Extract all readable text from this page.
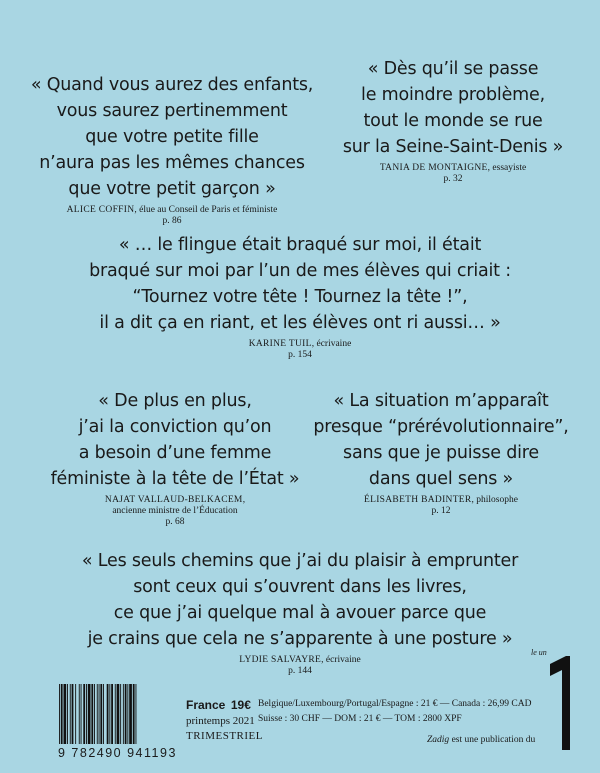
« Quand vous aurez des enfants,
vous saurez pertinemment
que votre petite fille
n’aura pas les mêmes chances
que votre petit garçon »
ALICE COFFIN, élue au Conseil de Paris et féministe
p. 86
« Dès qu’il se passe
le moindre problème,
tout le monde se rue
sur la Seine-Saint-Denis »
TANIA DE MONTAIGNE, essayiste
p. 32
« … le flingue était braqué sur moi, il était
braqué sur moi par l’un de mes élèves qui criait :
“Tournez votre tête ! Tournez la tête !”,
il a dit ça en riant, et les élèves ont ri aussi… »
KARINE TUIL, écrivaine
p. 154
« De plus en plus,
j’ai la conviction qu’on
a besoin d’une femme
féministe à la tête de l’État »
NAJAT VALLAUD-BELKACEM,
ancienne ministre de l’Éducation
p. 68
« La situation m’apparaît
presque “prérévolutionnaire”,
sans que je puisse dire
dans quel sens »
ÉLISABETH BADINTER, philosophe
p. 12
« Les seuls chemins que j’ai du plaisir à emprunter
sont ceux qui s’ouvrent dans les livres,
ce que j’ai quelque mal à avouer parce que
je crains que cela ne s’apparente à une posture »
LYDIE SALVAYRE, écrivaine
p. 144
9 782490 941193
France 19€
printemps 2021
TRIMESTRIEL
Belgique/Luxembourg/Portugal/Espagne : 21 € — Canada : 26,99 CAD
Suisse : 30 CHF — DOM : 21 € — TOM : 2800 XPF
Zadig est une publication du
le un
